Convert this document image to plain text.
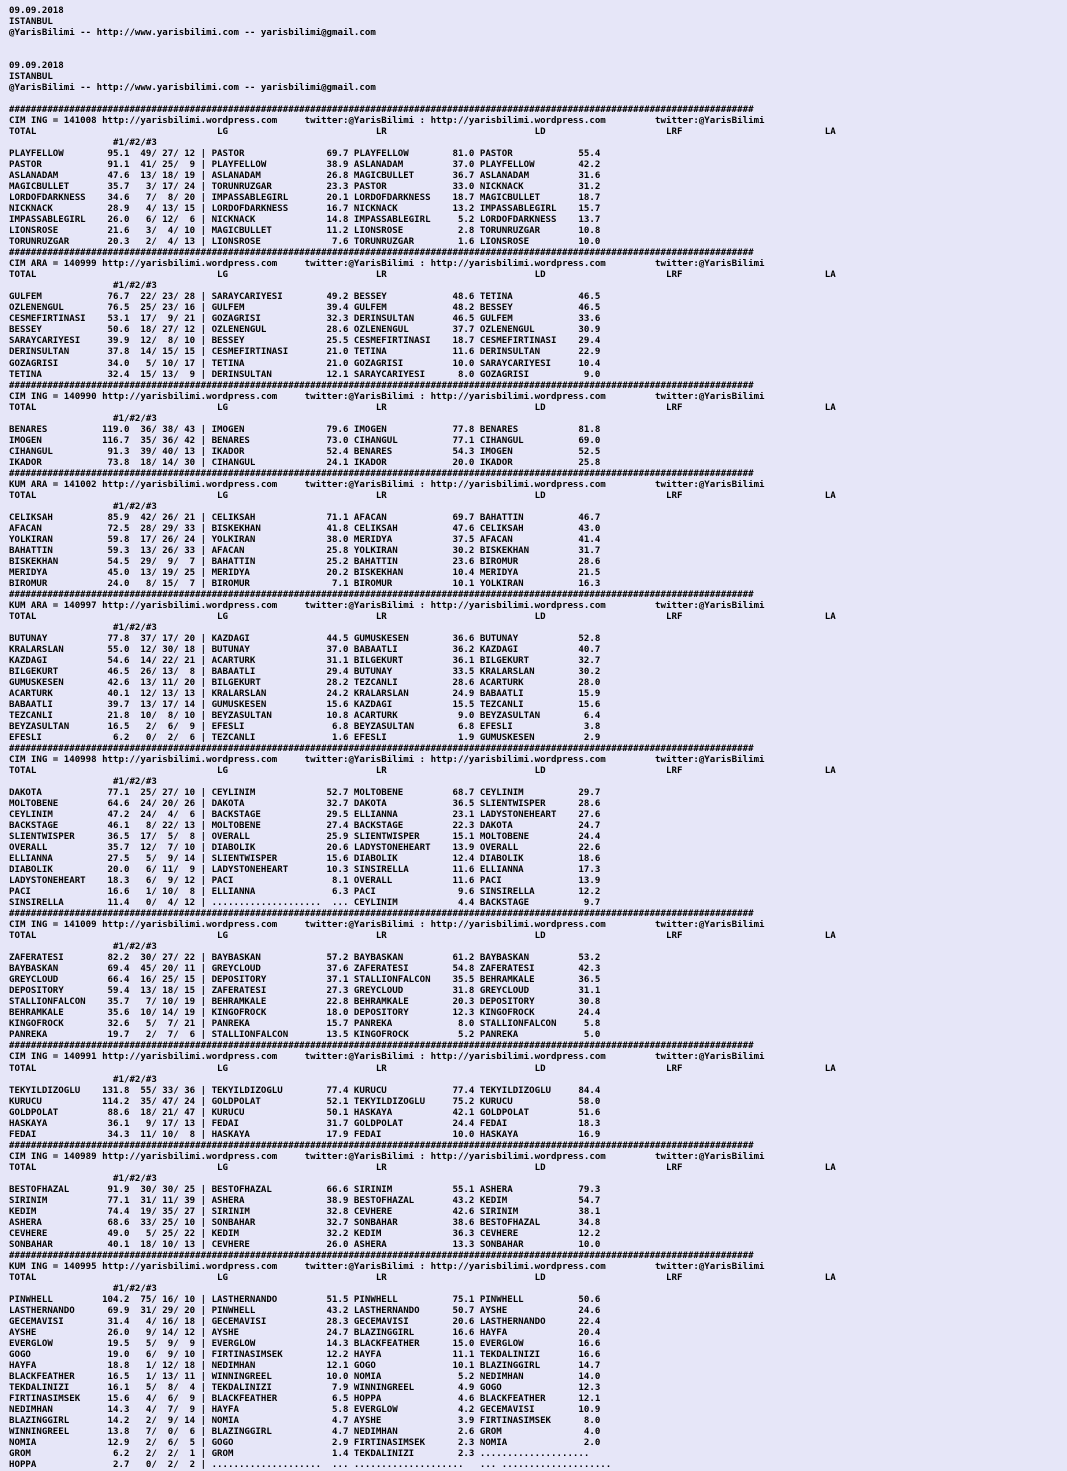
09.09.2018
ISTANBUL
@YarisBilimi -- http://www.yarisbilimi.com -- yarisbilimi@gmail.com

09.09.2018
ISTANBUL
@YarisBilimi -- http://www.yarisbilimi.com -- yarisbilimi@gmail.com

########################################################################################################################################
CIM ING = 141008 http://yarisbilimi.wordpress.com     twitter:@YarisBilimi : http://yarisbilimi.wordpress.com         twitter:@YarisBilimi
TOTAL                                 LG                           LR                           LD                      LRF                          LA
#1/#2/#3
PLAYFELLOW        95.1  49/ 27/ 12 | PASTOR               69.7 PLAYFELLOW        81.0 PASTOR            55.4
PASTOR            91.1  41/ 25/  9 | PLAYFELLOW           38.9 ASLANADAM         37.0 PLAYFELLOW        42.2
ASLANADAM         47.6  13/ 18/ 19 | ASLANADAM            26.8 MAGICBULLET       36.7 ASLANADAM         31.6
MAGICBULLET       35.7   3/ 17/ 24 | TORUNRUZGAR          23.3 PASTOR            33.0 NICKNACK          31.2
LORDOFDARKNESS    34.6   7/  8/ 20 | IMPASSABLEGIRL       20.1 LORDOFDARKNESS    18.7 MAGICBULLET       18.7
NICKNACK          28.9   4/ 13/ 15 | LORDOFDARKNESS       16.7 NICKNACK          13.2 IMPASSABLEGIRL    15.7
IMPASSABLEGIRL    26.0   6/ 12/  6 | NICKNACK             14.8 IMPASSABLEGIRL     5.2 LORDOFDARKNESS    13.7
LIONSROSE         21.6   3/  4/ 10 | MAGICBULLET          11.2 LIONSROSE          2.8 TORUNRUZGAR       10.8
TORUNRUZGAR       20.3   2/  4/ 13 | LIONSROSE             7.6 TORUNRUZGAR        1.6 LIONSROSE         10.0
########################################################################################################################################
CIM ARA = 140999 http://yarisbilimi.wordpress.com     twitter:@YarisBilimi : http://yarisbilimi.wordpress.com         twitter:@YarisBilimi
TOTAL                                 LG                           LR                           LD                      LRF                          LA
#1/#2/#3
GULFEM            76.7  22/ 23/ 28 | SARAYCARIYESI        49.2 BESSEY            48.6 TETINA            46.5
OZLENENGUL        76.5  25/ 23/ 16 | GULFEM               39.4 GULFEM            48.2 BESSEY            46.5
CESMEFIRTINASI    53.1  17/  9/ 21 | GOZAGRISI            32.3 DERINSULTAN       46.5 GULFEM            33.6
BESSEY            50.6  18/ 27/ 12 | OZLENENGUL           28.6 OZLENENGUL        37.7 OZLENENGUL        30.9
SARAYCARIYESI     39.9  12/  8/ 10 | BESSEY               25.5 CESMEFIRTINASI    18.7 CESMEFIRTINASI    29.4
DERINSULTAN       37.8  14/ 15/ 15 | CESMEFIRTINASI       21.0 TETINA            11.6 DERINSULTAN       22.9
GOZAGRISI         34.0   5/ 10/ 17 | TETINA               21.0 GOZAGRISI         10.0 SARAYCARIYESI     10.4
TETINA            32.4  15/ 13/  9 | DERINSULTAN          12.1 SARAYCARIYESI      8.0 GOZAGRISI          9.0
########################################################################################################################################
CIM ING = 140990 http://yarisbilimi.wordpress.com     twitter:@YarisBilimi : http://yarisbilimi.wordpress.com         twitter:@YarisBilimi
TOTAL                                 LG                           LR                           LD                      LRF                          LA
#1/#2/#3
BENARES          119.0  36/ 38/ 43 | IMOGEN               79.6 IMOGEN            77.8 BENARES           81.8
IMOGEN           116.7  35/ 36/ 42 | BENARES              73.0 CIHANGUL          77.1 CIHANGUL          69.0
CIHANGUL          91.3  39/ 40/ 13 | IKADOR               52.4 BENARES           54.3 IMOGEN            52.5
IKADOR            73.8  18/ 14/ 30 | CIHANGUL             24.1 IKADOR            20.0 IKADOR            25.8
########################################################################################################################################
KUM ARA = 141002 http://yarisbilimi.wordpress.com     twitter:@YarisBilimi : http://yarisbilimi.wordpress.com         twitter:@YarisBilimi
TOTAL                                 LG                           LR                           LD                      LRF                          LA
#1/#2/#3
CELIKSAH          85.9  42/ 26/ 21 | CELIKSAH             71.1 AFACAN            69.7 BAHATTIN          46.7
AFACAN            72.5  28/ 29/ 33 | BISKEKHAN            41.8 CELIKSAH          47.6 CELIKSAH          43.0
YOLKIRAN          59.8  17/ 26/ 24 | YOLKIRAN             38.0 MERIDYA           37.5 AFACAN            41.4
BAHATTIN          59.3  13/ 26/ 33 | AFACAN               25.8 YOLKIRAN          30.2 BISKEKHAN         31.7
BISKEKHAN         54.5  29/  9/  7 | BAHATTIN             25.2 BAHATTIN          23.6 BIROMUR           28.6
MERIDYA           45.0  13/ 19/ 25 | MERIDYA              20.2 BISKEKHAN         10.4 MERIDYA           21.5
BIROMUR           24.0   8/ 15/  7 | BIROMUR               7.1 BIROMUR           10.1 YOLKIRAN          16.3
########################################################################################################################################
KUM ARA = 140997 http://yarisbilimi.wordpress.com     twitter:@YarisBilimi : http://yarisbilimi.wordpress.com         twitter:@YarisBilimi
TOTAL                                 LG                           LR                           LD                      LRF                          LA
#1/#2/#3
BUTUNAY           77.8  37/ 17/ 20 | KAZDAGI              44.5 GUMUSKESEN        36.6 BUTUNAY           52.8
KRALARSLAN        55.0  12/ 30/ 18 | BUTUNAY              37.0 BABAATLI          36.2 KAZDAGI           40.7
KAZDAGI           54.6  14/ 22/ 21 | ACARTURK             31.1 BILGEKURT         36.1 BILGEKURT         32.7
BILGEKURT         46.5  26/ 13/  8 | BABAATLI             29.4 BUTUNAY           33.5 KRALARSLAN        30.2
GUMUSKESEN        42.6  13/ 11/ 20 | BILGEKURT            28.2 TEZCANLI          28.6 ACARTURK          28.0
ACARTURK          40.1  12/ 13/ 13 | KRALARSLAN           24.2 KRALARSLAN        24.9 BABAATLI          15.9
BABAATLI          39.7  13/ 17/ 14 | GUMUSKESEN           15.6 KAZDAGI           15.5 TEZCANLI          15.6
TEZCANLI          21.8  10/  8/ 10 | BEYZASULTAN          10.8 ACARTURK           9.0 BEYZASULTAN        6.4
BEYZASULTAN       16.5   2/  6/  9 | EFESLI                6.8 BEYZASULTAN        6.8 EFESLI             3.8
EFESLI             6.2   0/  2/  6 | TEZCANLI              1.6 EFESLI             1.9 GUMUSKESEN         2.9
########################################################################################################################################
CIM ING = 140998 http://yarisbilimi.wordpress.com     twitter:@YarisBilimi : http://yarisbilimi.wordpress.com         twitter:@YarisBilimi
TOTAL                                 LG                           LR                           LD                      LRF                          LA
#1/#2/#3
DAKOTA            77.1  25/ 27/ 10 | CEYLINIM             52.7 MOLTOBENE         68.7 CEYLINIM          29.7
MOLTOBENE         64.6  24/ 20/ 26 | DAKOTA               32.7 DAKOTA            36.5 SLIENTWISPER      28.6
CEYLINIM          47.2  24/  4/  6 | BACKSTAGE            29.5 ELLIANNA          23.1 LADYSTONEHEART    27.6
BACKSTAGE         46.1   8/ 22/ 13 | MOLTOBENE            27.4 BACKSTAGE         22.3 DAKOTA            24.7
SLIENTWISPER      36.5  17/  5/  8 | OVERALL              25.9 SLIENTWISPER      15.1 MOLTOBENE         24.4
OVERALL           35.7  12/  7/ 10 | DIABOLIK             20.6 LADYSTONEHEART    13.9 OVERALL           22.6
ELLIANNA          27.5   5/  9/ 14 | SLIENTWISPER         15.6 DIABOLIK          12.4 DIABOLIK          18.6
DIABOLIK          20.0   6/ 11/  9 | LADYSTONEHEART       10.3 SINSIRELLA        11.6 ELLIANNA          17.3
LADYSTONEHEART    18.3   6/  9/ 12 | PACI                  8.1 OVERALL           11.6 PACI              13.9
PACI              16.6   1/ 10/  8 | ELLIANNA              6.3 PACI               9.6 SINSIRELLA        12.2
SINSIRELLA        11.4   0/  4/ 12 | ....................  ... CEYLINIM           4.4 BACKSTAGE          9.7
########################################################################################################################################
CIM ING = 141009 http://yarisbilimi.wordpress.com     twitter:@YarisBilimi : http://yarisbilimi.wordpress.com         twitter:@YarisBilimi
TOTAL                                 LG                           LR                           LD                      LRF                          LA
#1/#2/#3
ZAFERATESI        82.2  30/ 27/ 22 | BAYBASKAN            57.2 BAYBASKAN         61.2 BAYBASKAN         53.2
BAYBASKAN         69.4  45/ 20/ 11 | GREYCLOUD            37.6 ZAFERATESI        54.8 ZAFERATESI        42.3
GREYCLOUD         66.4  16/ 25/ 15 | DEPOSITORY           37.1 STALLIONFALCON    35.5 BEHRAMKALE        36.5
DEPOSITORY        59.4  13/ 18/ 15 | ZAFERATESI           27.3 GREYCLOUD         31.8 GREYCLOUD         31.1
STALLIONFALCON    35.7   7/ 10/ 19 | BEHRAMKALE           22.8 BEHRAMKALE        20.3 DEPOSITORY        30.8
BEHRAMKALE        35.6  10/ 14/ 19 | KINGOFROCK           18.0 DEPOSITORY        12.3 KINGOFROCK        24.4
KINGOFROCK        32.6   5/  7/ 21 | PANREKA              15.7 PANREKA            8.0 STALLIONFALCON     5.8
PANREKA           19.7   2/  7/  6 | STALLIONFALCON       13.5 KINGOFROCK         5.2 PANREKA            5.0
########################################################################################################################################
CIM ING = 140991 http://yarisbilimi.wordpress.com     twitter:@YarisBilimi : http://yarisbilimi.wordpress.com         twitter:@YarisBilimi
TOTAL                                 LG                           LR                           LD                      LRF                          LA
#1/#2/#3
TEKYILDIZOGLU    131.8  55/ 33/ 36 | TEKYILDIZOGLU        77.4 KURUCU            77.4 TEKYILDIZOGLU     84.4
KURUCU           114.2  35/ 47/ 24 | GOLDPOLAT            52.1 TEKYILDIZOGLU     75.2 KURUCU            58.0
GOLDPOLAT         88.6  18/ 21/ 47 | KURUCU               50.1 HASKAYA           42.1 GOLDPOLAT         51.6
HASKAYA           36.1   9/ 17/ 13 | FEDAI                31.7 GOLDPOLAT         24.4 FEDAI             18.3
FEDAI             34.3  11/ 10/  8 | HASKAYA              17.9 FEDAI             10.0 HASKAYA           16.9
########################################################################################################################################
CIM ING = 140989 http://yarisbilimi.wordpress.com     twitter:@YarisBilimi : http://yarisbilimi.wordpress.com         twitter:@YarisBilimi
TOTAL                                 LG                           LR                           LD                      LRF                          LA
#1/#2/#3
BESTOFHAZAL       91.9  30/ 30/ 25 | BESTOFHAZAL          66.6 SIRINIM           55.1 ASHERA            79.3
SIRINIM           77.1  31/ 11/ 39 | ASHERA               38.9 BESTOFHAZAL       43.2 KEDIM             54.7
KEDIM             74.4  19/ 35/ 27 | SIRINIM              32.8 CEVHERE           42.6 SIRINIM           38.1
ASHERA            68.6  33/ 25/ 10 | SONBAHAR             32.7 SONBAHAR          38.6 BESTOFHAZAL       34.8
CEVHERE           49.0   5/ 25/ 22 | KEDIM                32.2 KEDIM             36.3 CEVHERE           12.2
SONBAHAR          40.1  18/ 10/ 13 | CEVHERE              26.0 ASHERA            13.3 SONBAHAR          10.0
########################################################################################################################################
KUM ING = 140995 http://yarisbilimi.wordpress.com     twitter:@YarisBilimi : http://yarisbilimi.wordpress.com         twitter:@YarisBilimi
TOTAL                                 LG                           LR                           LD                      LRF                          LA
#1/#2/#3
PINWHELL         104.2  75/ 16/ 10 | LASTHERNANDO         51.5 PINWHELL          75.1 PINWHELL          50.6
LASTHERNANDO      69.9  31/ 29/ 20 | PINWHELL             43.2 LASTHERNANDO      50.7 AYSHE             24.6
GECEMAVISI        31.4   4/ 16/ 18 | GECEMAVISI           28.3 GECEMAVISI        20.6 LASTHERNANDO      22.4
AYSHE             26.0   9/ 14/ 12 | AYSHE                24.7 BLAZINGGIRL       16.6 HAYFA             20.4
EVERGLOW          19.5   5/  9/  9 | EVERGLOW             14.3 BLACKFEATHER      15.0 EVERGLOW          16.6
GOGO              19.0   6/  9/ 10 | FIRTINASIMSEK        12.2 HAYFA             11.1 TEKDALINIZI       16.6
HAYFA             18.8   1/ 12/ 18 | NEDIMHAN             12.1 GOGO              10.1 BLAZINGGIRL       14.7
BLACKFEATHER      16.5   1/ 13/ 11 | WINNINGREEL          10.0 NOMIA              5.2 NEDIMHAN          14.0
TEKDALINIZI       16.1   5/  8/  4 | TEKDALINIZI           7.9 WINNINGREEL        4.9 GOGO              12.3
FIRTINASIMSEK     15.6   4/  6/  9 | BLACKFEATHER          6.5 HOPPA              4.6 BLACKFEATHER      12.1
NEDIMHAN          14.3   4/  7/  9 | HAYFA                 5.8 EVERGLOW           4.2 GECEMAVISI        10.9
BLAZINGGIRL       14.2   2/  9/ 14 | NOMIA                 4.7 AYSHE              3.9 FIRTINASIMSEK      8.0
WINNINGREEL       13.8   7/  0/  6 | BLAZINGGIRL           4.7 NEDIMHAN           2.6 GROM               4.0
NOMIA             12.9   2/  6/  5 | GOGO                  2.9 FIRTINASIMSEK      2.3 NOMIA              2.0
GROM               6.2   2/  2/  1 | GROM                  1.4 TEKDALINIZI        2.3 ....................
HOPPA              2.7   0/  2/  2 | ....................  ... ....................   ... ....................
